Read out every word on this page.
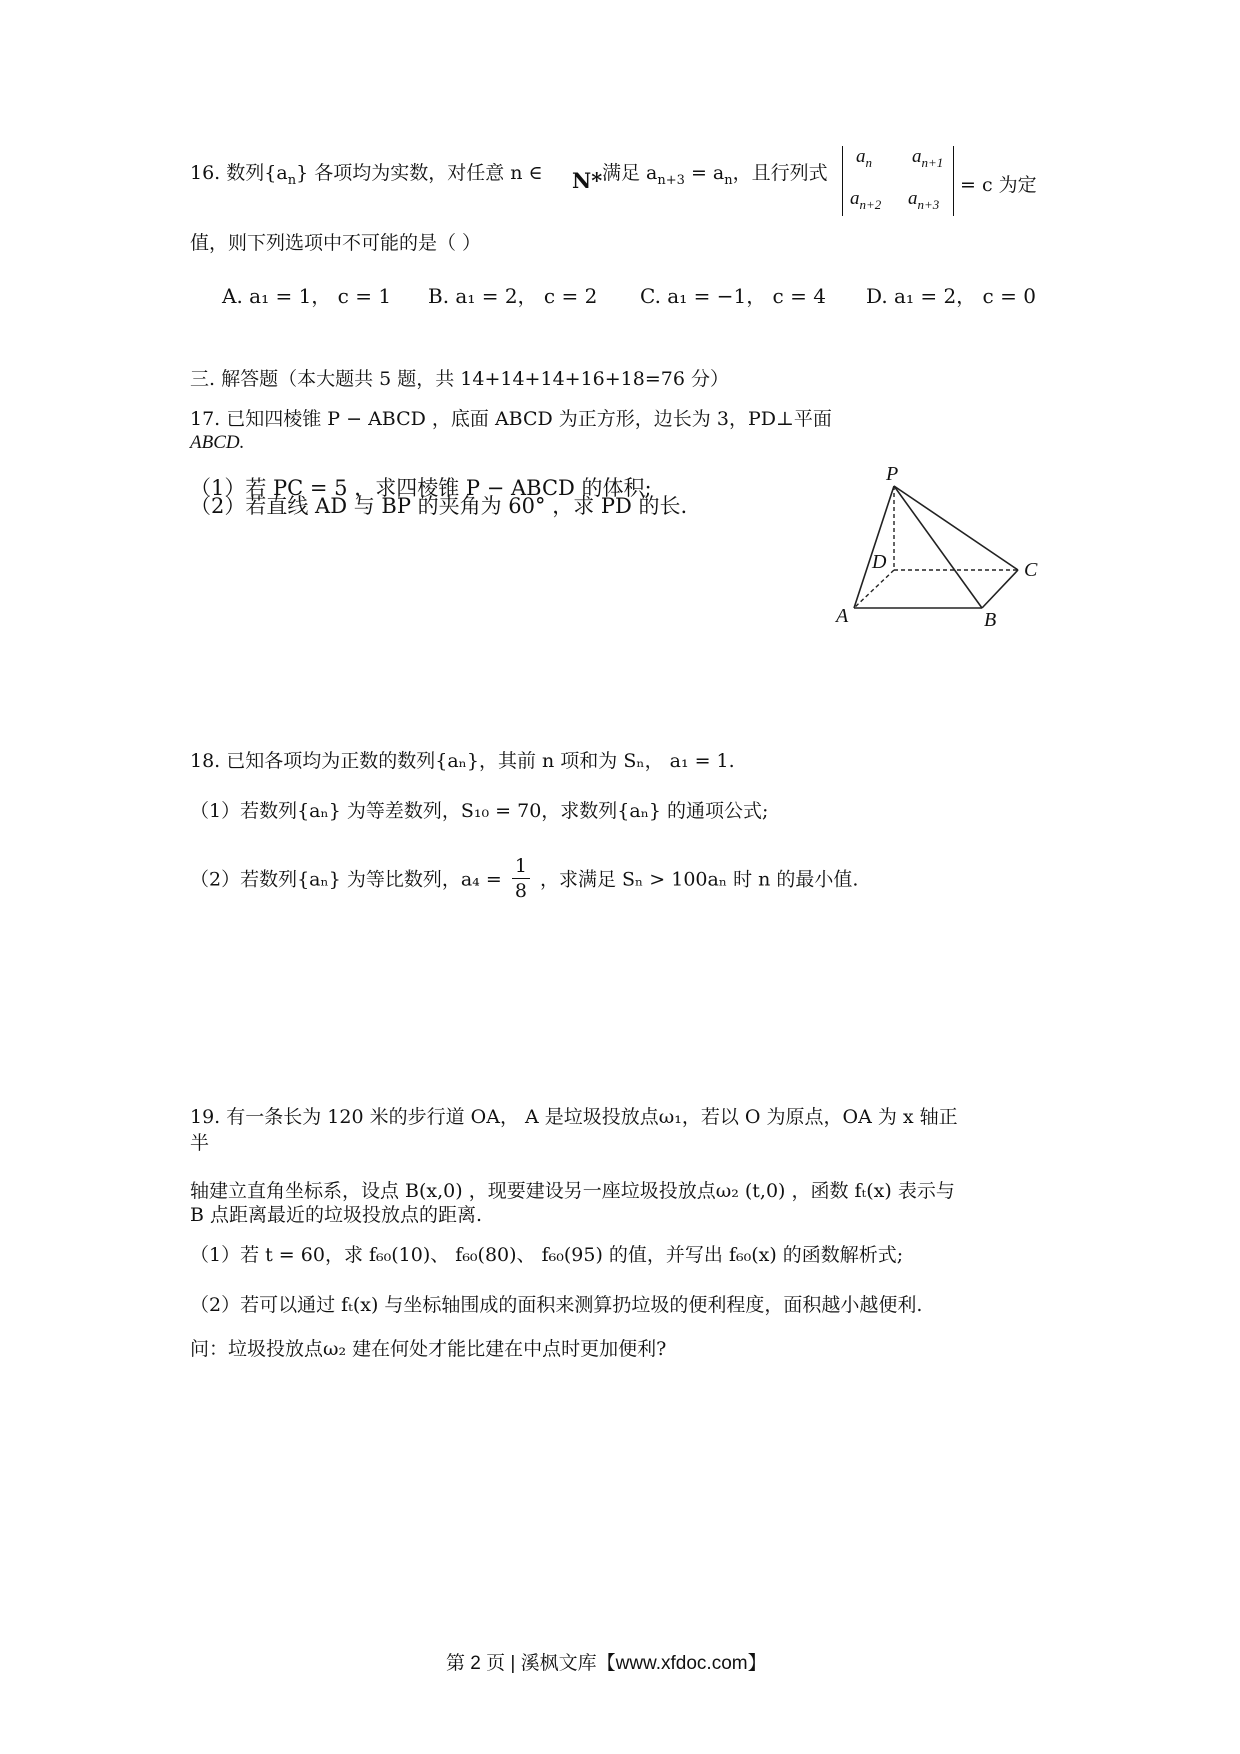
16. 数列$\{a_n\}$ 各项均为实数，对任意 n ∈ N* 满足 $a_{n+3} = a_n$，且行列式
$a_n$ $a_{n+1}$
$a_{n+2}$ $a_{n+3}$
= c 为定
值，则下列选项中不可能的是（ ）
A. a₁ = 1， c = 1 B. a₁ = 2， c = 2 C. a₁ = −1， c = 4 D. a₁ = 2， c = 0
三. 解答题（本大题共 5 题，共 14+14+14+16+18=76 分）
17. 已知四棱锥 P − ABCD ，底面 ABCD 为正方形，边长为 3，PD⊥平面
ABCD.
（1）若 PC = 5 ，求四棱锥 P − ABCD 的体积;
（2）若直线 AD 与 BP 的夹角为 60° ，求 PD 的长.
P
A	B
C
D
18. 已知各项均为正数的数列{aₙ}，其前 n 项和为 Sₙ， a₁ = 1.
（1）若数列{aₙ} 为等差数列，S₁₀ = 70，求数列{aₙ} 的通项公式;
（2）若数列{aₙ} 为等比数列，$a_4 = \frac{1}{8}$ ，求满足 Sₙ > 100aₙ 时 n 的最小值.
19. 有一条长为 120 米的步行道 OA， A 是垃圾投放点ω₁，若以 O 为原点，OA 为 x 轴正
半
轴建立直角坐标系，设点 B(x,0) ，现要建设另一座垃圾投放点ω₂ (t,0) ，函数 fₜ(x) 表示与
B 点距离最近的垃圾投放点的距离.
（1）若 t = 60，求 f₆₀(10)、 f₆₀(80)、 f₆₀(95) 的值，并写出 f₆₀(x) 的函数解析式;
（2）若可以通过 fₜ(x) 与坐标轴围成的面积来测算扔垃圾的便利程度，面积越小越便利.
问：垃圾投放点ω₂ 建在何处才能比建在中点时更加便利?
第 2 页 | 溪枫文库【www.xfdoc.com】
